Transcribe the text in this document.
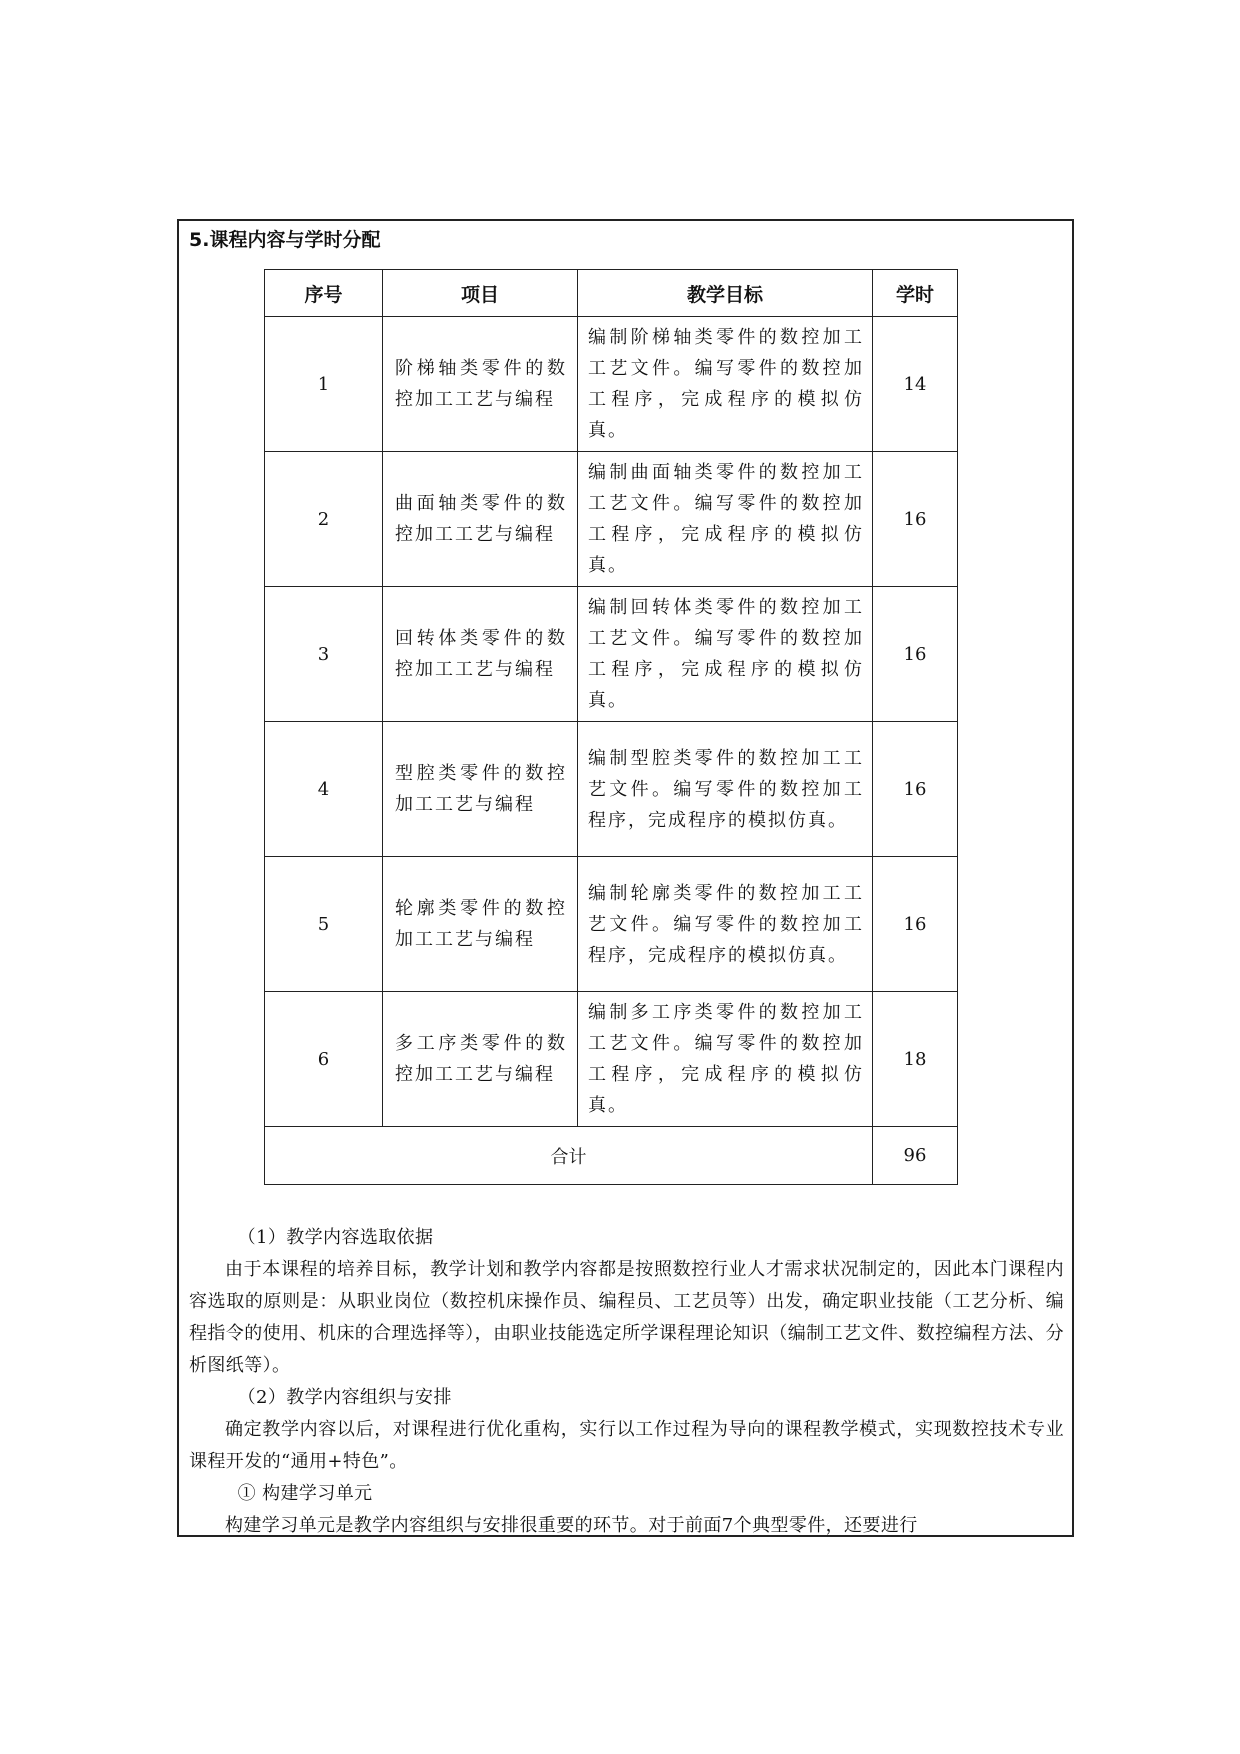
5.课程内容与学时分配
序号	项目	教学目标	学时
1	阶梯轴类零件的数控加工工艺与编程	编制阶梯轴类零件的数控加工工艺文件。编写零件的数控加工程序，完成程序的模拟仿真。	14
2	曲面轴类零件的数控加工工艺与编程	编制曲面轴类零件的数控加工工艺文件。编写零件的数控加工程序，完成程序的模拟仿真。	16
3	回转体类零件的数控加工工艺与编程	编制回转体类零件的数控加工工艺文件。编写零件的数控加工程序，完成程序的模拟仿真。	16
4	型腔类零件的数控加工工艺与编程	编制型腔类零件的数控加工工艺文件。编写零件的数控加工程序，完成程序的模拟仿真。	16
5	轮廓类零件的数控加工工艺与编程	编制轮廓类零件的数控加工工艺文件。编写零件的数控加工程序，完成程序的模拟仿真。	16
6	多工序类零件的数控加工工艺与编程	编制多工序类零件的数控加工工艺文件。编写零件的数控加工程序，完成程序的模拟仿真。	18
合计			96

（1）教学内容选取依据

由于本课程的培养目标，教学计划和教学内容都是按照数控行业人才需求状况制定的，因此本门课程内容选取的原则是：从职业岗位（数控机床操作员、编程员、工艺员等）出发，确定职业技能（工艺分析、编程指令的使用、机床的合理选择等），由职业技能选定所学课程理论知识（编制工艺文件、数控编程方法、分析图纸等）。

（2）教学内容组织与安排

确定教学内容以后，对课程进行优化重构，实行以工作过程为导向的课程教学模式，实现数控技术专业课程开发的“通用+特色”。

① 构建学习单元

构建学习单元是教学内容组织与安排很重要的环节。对于前面7个典型零件，还要进行
